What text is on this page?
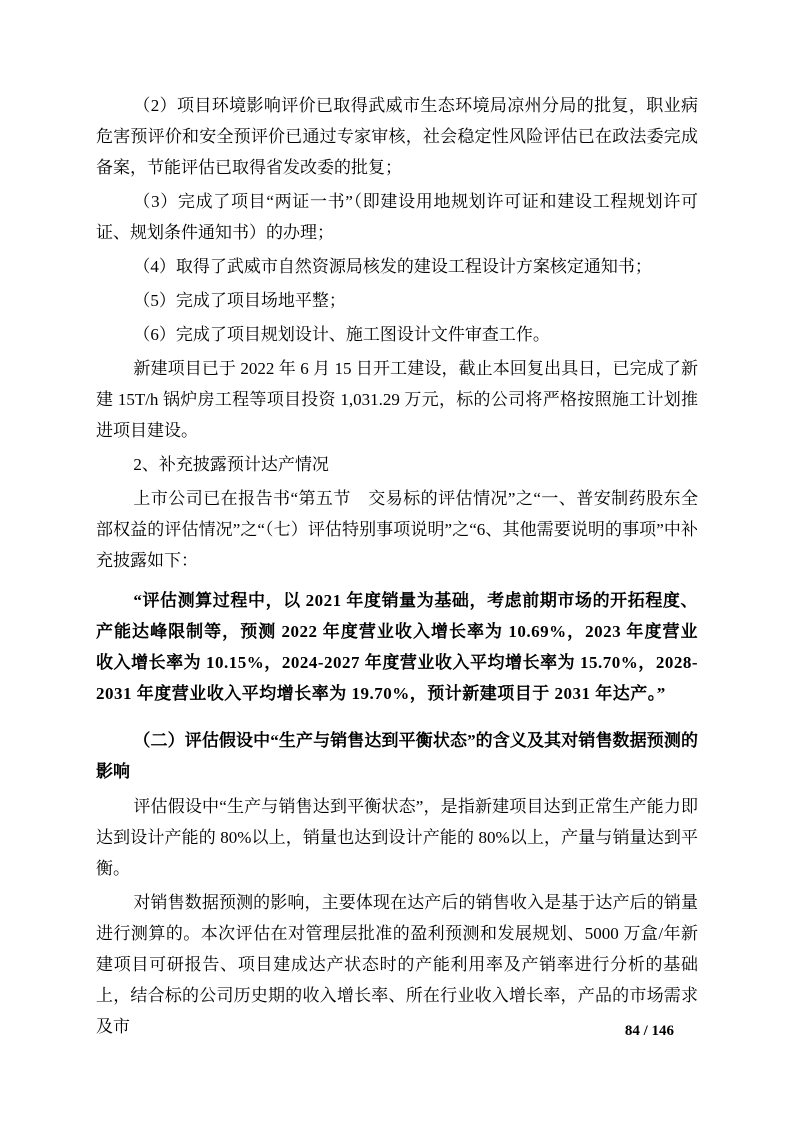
（2）项目环境影响评价已取得武威市生态环境局凉州分局的批复，职业病危害预评价和安全预评价已通过专家审核，社会稳定性风险评估已在政法委完成备案，节能评估已取得省发改委的批复；

（3）完成了项目“两证一书”（即建设用地规划许可证和建设工程规划许可证、规划条件通知书）的办理；

（4）取得了武威市自然资源局核发的建设工程设计方案核定通知书；

（5）完成了项目场地平整；

（6）完成了项目规划设计、施工图设计文件审查工作。

新建项目已于 2022 年 6 月 15 日开工建设，截止本回复出具日，已完成了新建 15T/h 锅炉房工程等项目投资 1,031.29 万元，标的公司将严格按照施工计划推进项目建设。

2、补充披露预计达产情况

上市公司已在报告书“第五节　交易标的评估情况”之“一、普安制药股东全部权益的评估情况”之“（七）评估特别事项说明”之“6、其他需要说明的事项”中补充披露如下：

“评估测算过程中，以 2021 年度销量为基础，考虑前期市场的开拓程度、产能达峰限制等，预测 2022 年度营业收入增长率为 10.69%，2023 年度营业收入增长率为 10.15%，2024-2027 年度营业收入平均增长率为 15.70%，2028-2031 年度营业收入平均增长率为 19.70%，预计新建项目于 2031 年达产。”

（二）评估假设中“生产与销售达到平衡状态”的含义及其对销售数据预测的影响

评估假设中“生产与销售达到平衡状态”，是指新建项目达到正常生产能力即达到设计产能的 80%以上，销量也达到设计产能的 80%以上，产量与销量达到平衡。

对销售数据预测的影响，主要体现在达产后的销售收入是基于达产后的销量进行测算的。本次评估在对管理层批准的盈利预测和发展规划、5000 万盒/年新建项目可研报告、项目建成达产状态时的产能利用率及产销率进行分析的基础上，结合标的公司历史期的收入增长率、所在行业收入增长率，产品的市场需求及市	84 / 146
